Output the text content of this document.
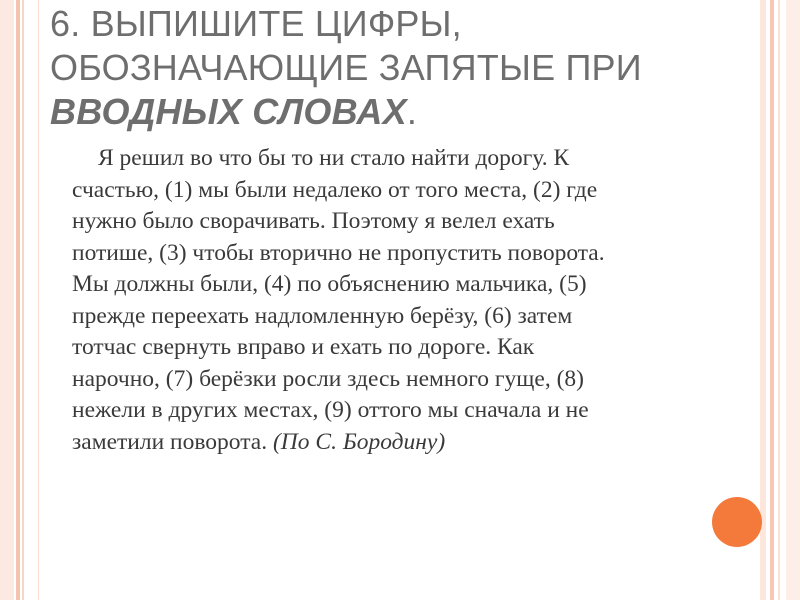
6. ВЫПИШИТЕ ЦИФРЫ,
ОБОЗНАЧАЮЩИЕ ЗАПЯТЫЕ ПРИ
ВВОДНЫХ СЛОВАХ.
Я решил во что бы то ни стало найти дорогу. К
счастью, (1) мы были недалеко от того места, (2) где
нужно было сворачивать. Поэтому я велел ехать
потише, (3) чтобы вторично не пропустить поворота.
Мы должны были, (4) по объяснению мальчика, (5)
прежде переехать надломленную берёзу, (6) затем
тотчас свернуть вправо и ехать по дороге. Как
нарочно, (7) берёзки росли здесь немного гуще, (8)
нежели в других местах, (9) оттого мы сначала и не
заметили поворота. (По С. Бородину)
